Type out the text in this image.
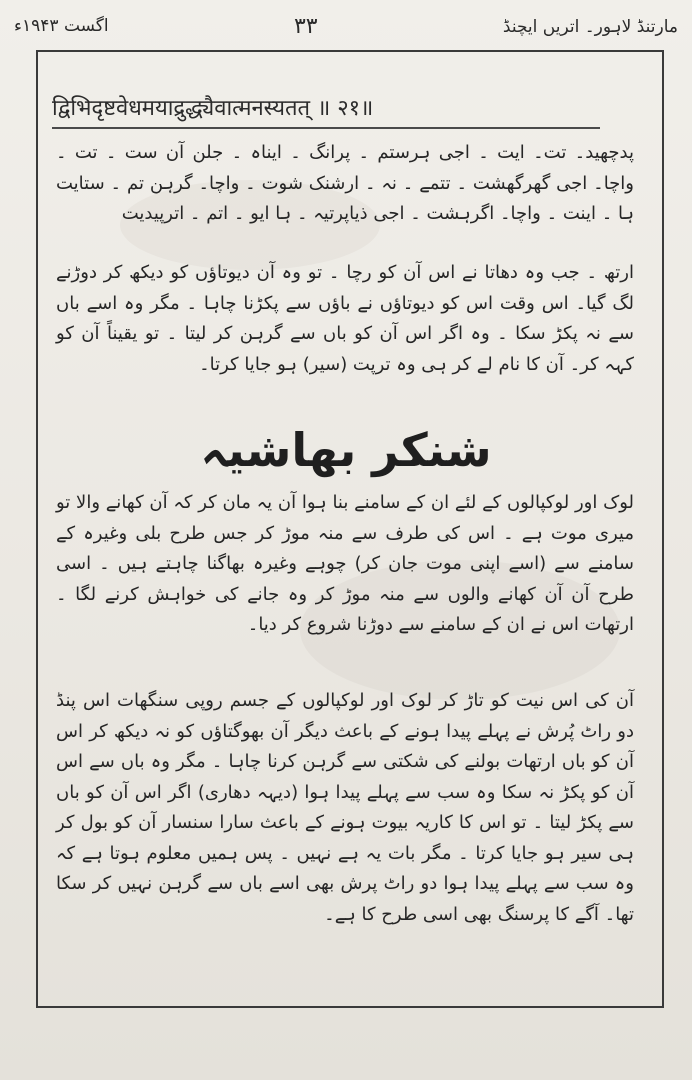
مارتنڈ لاہور۔ اتریں ایچنڈ
۳۳
اگست ۱۹۴۳ء
द्विभिदृष्टवेधमयाद्रुद्ध्यैवात्मनस्यतत् ॥ २१॥
پدچھید۔ تت۔ ایت ۔ اجی ہرستم ۔ پرانگ ۔ ایناہ ۔ جلن آن ست ۔ تت ۔ واچا۔ اجی گھرگھشت ۔ تتمے ۔ نہ ۔ ارشنک شوت ۔ واچا۔ گرہن تم ۔ ستایت ہا ۔ اینت ۔ واچا۔ اگرہشت ۔ اجی ذیاپرتیہ ۔ ہا ایو ۔ اتم ۔ اترپیدیت
ارتھ ۔ جب وہ دھاتا نے اس آن کو رچا ۔ تو وہ آن دیوتاؤں کو دیکھ کر دوڑنے لگ گیا۔ اس وقت اس کو دیوتاؤں نے باؤں سے پکڑنا چاہا ۔ مگر وہ اسے باں سے نہ پکڑ سکا ۔ وہ اگر اس آن کو باں سے گرہن کر لیتا ۔ تو یقیناً آن کو کہہ کر۔ آن کا نام لے کر ہی وہ ترپت (سیر) ہو جایا کرتا۔
شنکر بھاشیہ
لوک اور لوکپالوں کے لئے ان کے سامنے بنا ہوا آن یہ مان کر کہ آن کھانے والا تو میری موت ہے ۔ اس کی طرف سے منہ موڑ کر جس طرح بلی وغیرہ کے سامنے سے (اسے اپنی موت جان کر) چوہے وغیرہ بھاگنا چاہتے ہیں ۔ اسی طرح آن آن کھانے والوں سے منہ موڑ کر وہ جانے کی خواہش کرنے لگا ۔ ارتھات اس نے ان کے سامنے سے دوڑنا شروع کر دیا۔
آن کی اس نیت کو تاڑ کر لوک اور لوکپالوں کے جسم روپی سنگھات اس پنڈ دو راٹ پُرش نے پہلے پیدا ہونے کے باعث دیگر آن بھوگتاؤں کو نہ دیکھ کر اس آن کو باں ارتھات بولنے کی شکتی سے گرہن کرنا چاہا ۔ مگر وہ باں سے اس آن کو پکڑ نہ سکا وہ سب سے پہلے پیدا ہوا (دیہہ دھاری) اگر اس آن کو باں سے پکڑ لیتا ۔ تو اس کا کاریہ بیوت ہونے کے باعث سارا سنسار آن کو بول کر ہی سیر ہو جایا کرتا ۔ مگر بات یہ ہے نہیں ۔ پس ہمیں معلوم ہوتا ہے کہ وہ سب سے پہلے پیدا ہوا دو راٹ پرش بھی اسے باں سے گرہن نہیں کر سکا تھا۔ آگے کا پرسنگ بھی اسی طرح کا ہے۔
